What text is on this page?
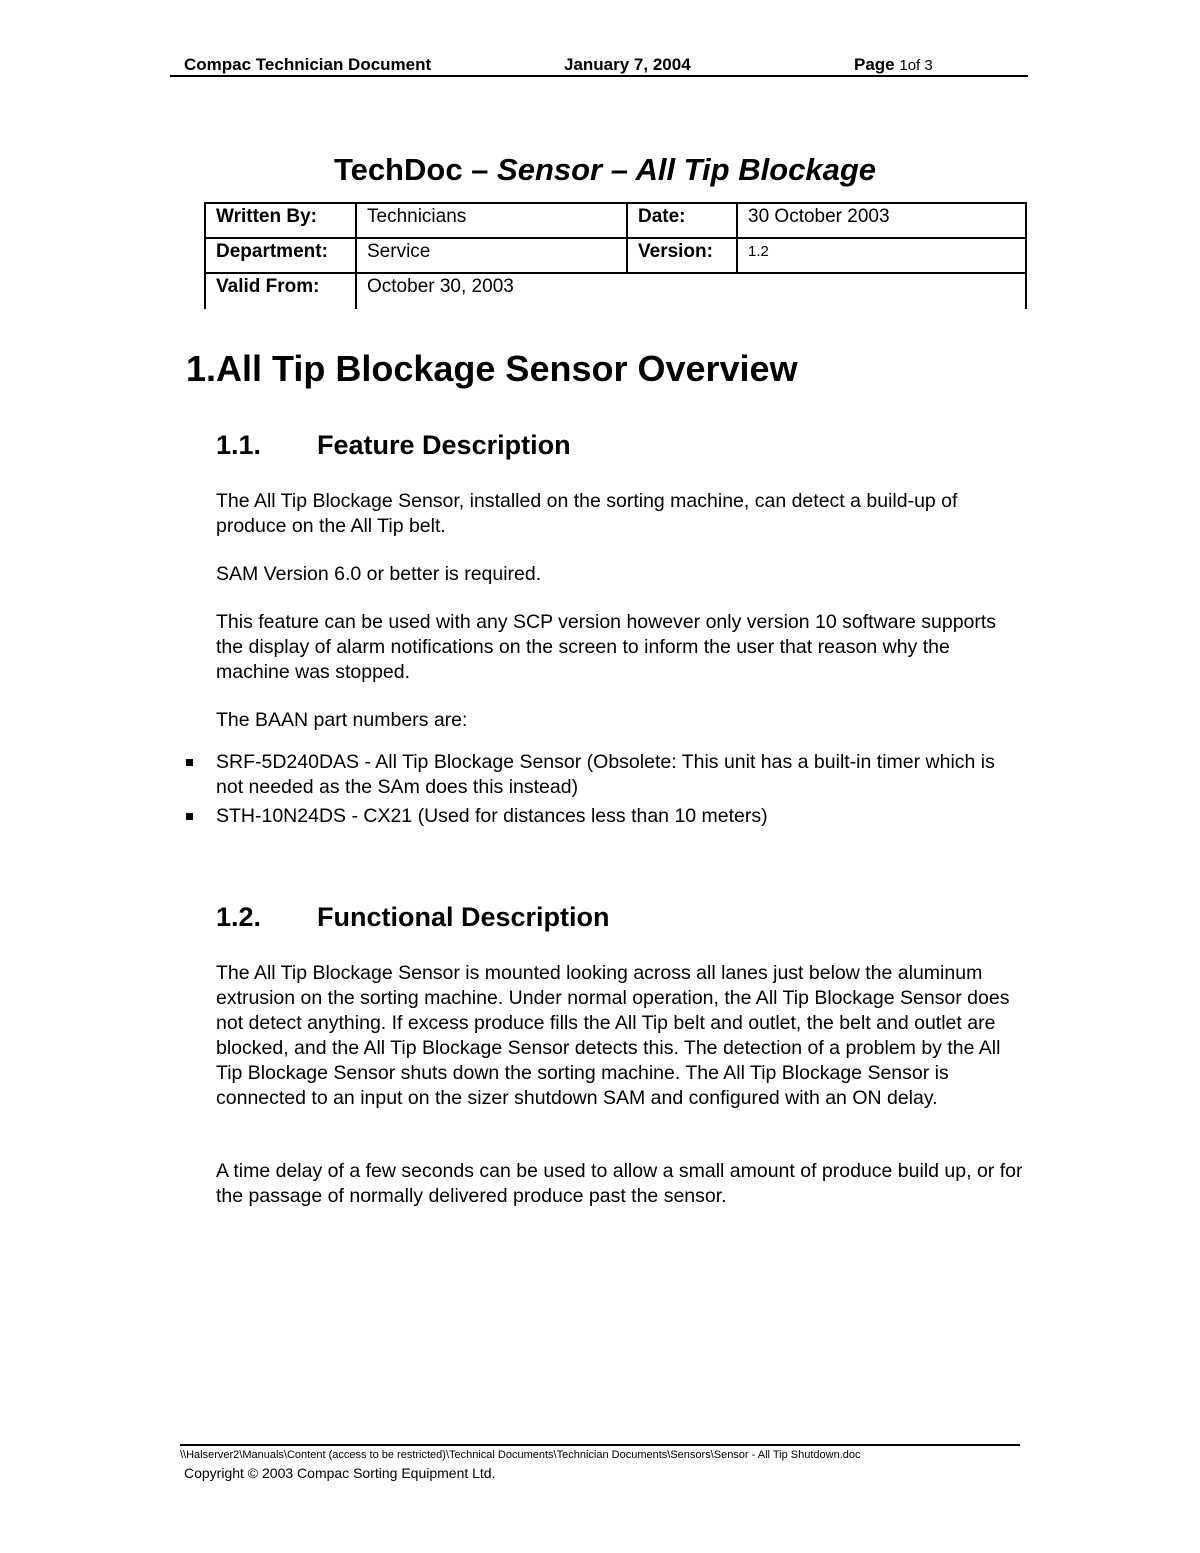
Compac Technician Document	January 7, 2004	Page 1of 3
TechDoc – Sensor – All Tip Blockage
Written By:	Technicians	Date:	30 October 2003
Department:	Service	Version:	1.2
Valid From:	October 30, 2003		
1.All Tip Blockage Sensor Overview
1.1. Feature Description

The All Tip Blockage Sensor, installed on the sorting machine, can detect a build-up of produce on the All Tip belt.

SAM Version 6.0 or better is required.

This feature can be used with any SCP version however only version 10 software supports the display of alarm notifications on the screen to inform the user that reason why the machine was stopped.

The BAAN part numbers are:

SRF-5D240DAS - All Tip Blockage Sensor (Obsolete: This unit has a built-in timer which is not needed as the SAm does this instead)
STH-10N24DS - CX21 (Used for distances less than 10 meters)
1.2. Functional Description

The All Tip Blockage Sensor is mounted looking across all lanes just below the aluminum extrusion on the sorting machine. Under normal operation, the All Tip Blockage Sensor does not detect anything. If excess produce fills the All Tip belt and outlet, the belt and outlet are blocked, and the All Tip Blockage Sensor detects this. The detection of a problem by the All Tip Blockage Sensor shuts down the sorting machine. The All Tip Blockage Sensor is connected to an input on the sizer shutdown SAM and configured with an ON delay.

A time delay of a few seconds can be used to allow a small amount of produce build up, or for the passage of normally delivered produce past the sensor.

\\Halserver2\Manuals\Content (access to be restricted)\Technical Documents\Technician Documents\Sensors\Sensor - All Tip Shutdown.doc
Copyright © 2003 Compac Sorting Equipment Ltd.
